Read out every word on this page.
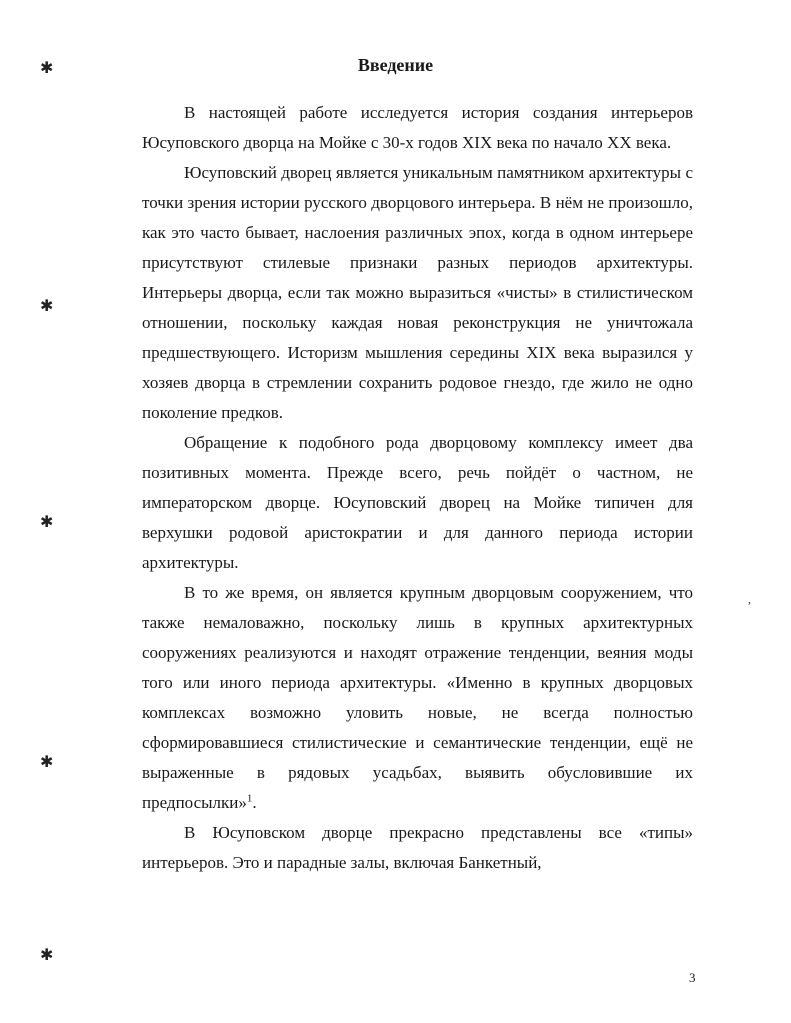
✱
✱
✱
✱
✱
,
Введение

В настоящей работе исследуется история создания интерьеров Юсуповского дворца на Мойке с 30-х годов XIX века по начало XX века.

Юсуповский дворец является уникальным памятником архитектуры с точки зрения истории русского дворцового интерьера. В нём не произошло, как это часто бывает, наслоения различных эпох, когда в одном интерьере присутствуют стилевые признаки разных периодов архитектуры. Интерьеры дворца, если так можно выразиться «чисты» в стилистическом отношении, поскольку каждая новая реконструкция не уничтожала предшествующего. Историзм мышления середины XIX века выразился у хозяев дворца в стремлении сохранить родовое гнездо, где жило не одно поколение предков.

Обращение к подобного рода дворцовому комплексу имеет два позитивных момента. Прежде всего, речь пойдёт о частном, не императорском дворце. Юсуповский дворец на Мойке типичен для верхушки родовой аристократии и для данного периода истории архитектуры.

В то же время, он является крупным дворцовым сооружением, что также немаловажно, поскольку лишь в крупных архитектурных сооружениях реализуются и находят отражение тенденции, веяния моды того или иного периода архитектуры. «Именно в крупных дворцовых комплексах возможно уловить новые, не всегда полностью сформировавшиеся стилистические и семантические тенденции, ещё не выраженные в рядовых усадьбах, выявить обусловившие их предпосылки»$^1$.

В Юсуповском дворце прекрасно представлены все «типы» интерьеров. Это и парадные залы, включая Банкетный,

3
